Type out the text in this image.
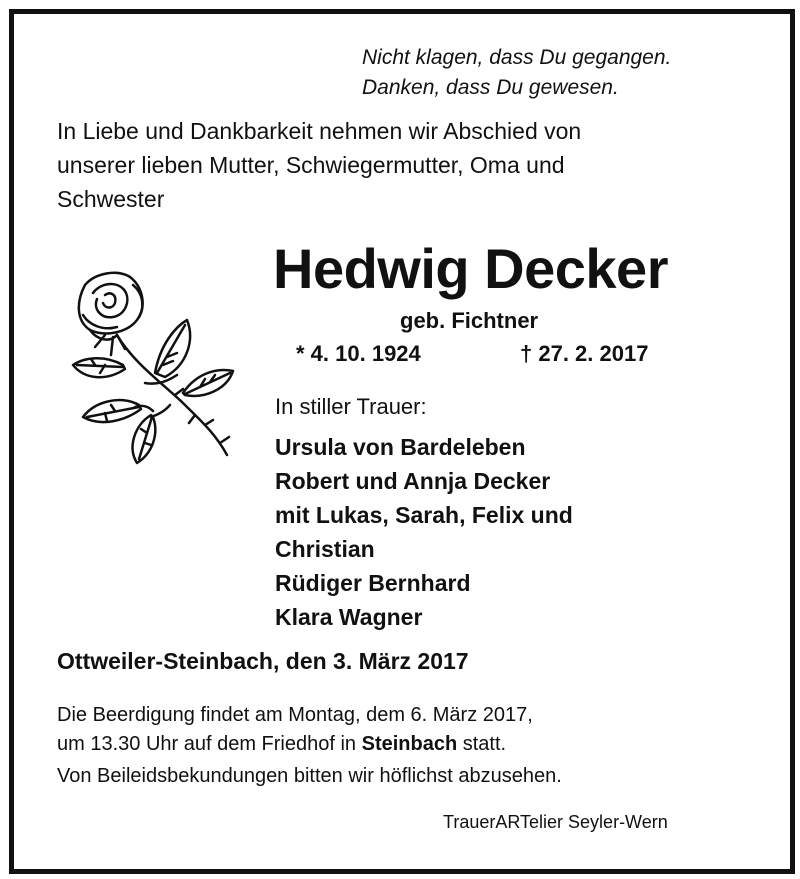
Nicht klagen, dass Du gegangen.
Danken, dass Du gewesen.
In Liebe und Dankbarkeit nehmen wir Abschied von
unserer lieben Mutter, Schwiegermutter, Oma und
Schwester
Hedwig Decker
geb. Fichtner
* 4. 10. 1924	† 27. 2. 2017
In stiller Trauer:
Ursula von Bardeleben
Robert und Annja Decker
mit Lukas, Sarah, Felix und
Christian
Rüdiger Bernhard
Klara Wagner
Ottweiler-Steinbach, den 3. März 2017
Die Beerdigung findet am Montag, dem 6. März 2017,
um 13.30 Uhr auf dem Friedhof in Steinbach statt.
Von Beileidsbekundungen bitten wir höflichst abzusehen.
TrauerARTelier Seyler-Wern
